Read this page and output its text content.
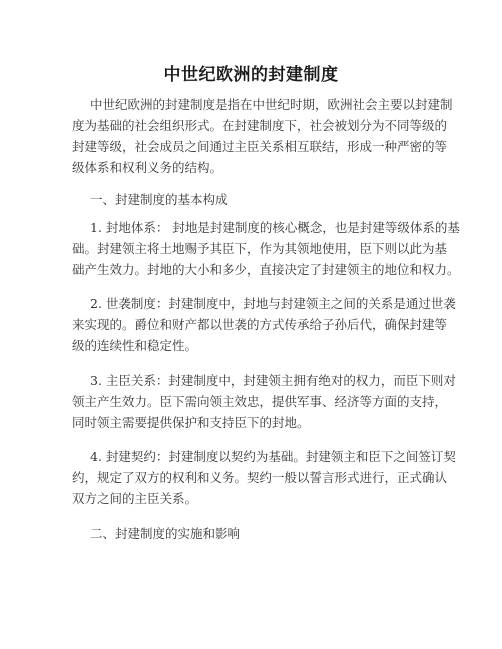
中世纪欧洲的封建制度
中世纪欧洲的封建制度是指在中世纪时期，欧洲社会主要以封建制
度为基础的社会组织形式。在封建制度下，社会被划分为不同等级的
封建等级，社会成员之间通过主臣关系相互联结，形成一种严密的等
级体系和权利义务的结构。
一、封建制度的基本构成
1. 封地体系： 封地是封建制度的核心概念，也是封建等级体系的基
础。封建领主将土地赐予其臣下，作为其领地使用，臣下则以此为基
础产生效力。封地的大小和多少，直接决定了封建领主的地位和权力。
2. 世袭制度：封建制度中，封地与封建领主之间的关系是通过世袭
来实现的。爵位和财产都以世袭的方式传承给子孙后代，确保封建等
级的连续性和稳定性。
3. 主臣关系：封建制度中，封建领主拥有绝对的权力，而臣下则对
领主产生效力。臣下需向领主效忠，提供军事、经济等方面的支持，
同时领主需要提供保护和支持臣下的封地。
4. 封建契约：封建制度以契约为基础。封建领主和臣下之间签订契
约，规定了双方的权利和义务。契约一般以誓言形式进行，正式确认
双方之间的主臣关系。
二、封建制度的实施和影响
